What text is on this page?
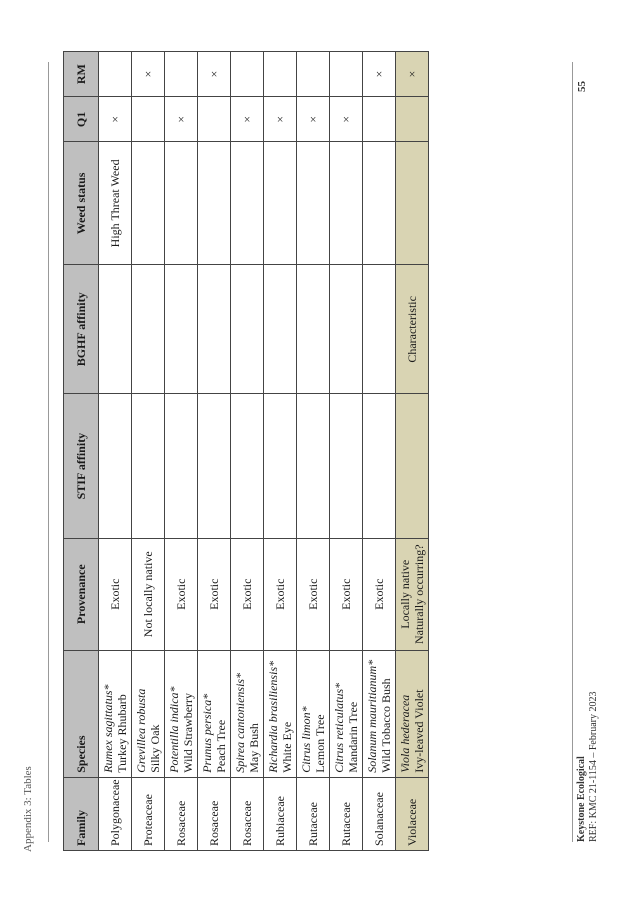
Appendix 3: Tables	Family	Species	Provenance	STIF affinity	BGHF affinity	Weed status	Q1	RM
Polygonaceae	Rumex sagittatus* Turkey Rhubarb	Exotic			High Threat Weed	×	
Proteaceae	Grevillea robusta Silky Oak	Not locally native					×
Rosaceae	Potentilla indica* Wild Strawberry	Exotic				×	
Rosaceae	Prunus persica* Peach Tree	Exotic					×
Rosaceae	Spirea cantoniensis* May Bush	Exotic				×	
Rubiaceae	Richardia brasiliensis* White Eye	Exotic				×	
Rutaceae	Citrus limon* Lemon Tree	Exotic				×	
Rutaceae	Citrus reticulatus* Mandarin Tree	Exotic				×	
Solanaceae	Solanum mauritianum* Wild Tobacco Bush	Exotic					×
Violaceae	Viola hederacea Ivy-leaved Violet	Locally native Naturally occurring?		Characteristic			×
Keystone Ecological REF: KMC 21-1154 – February 2023
55
